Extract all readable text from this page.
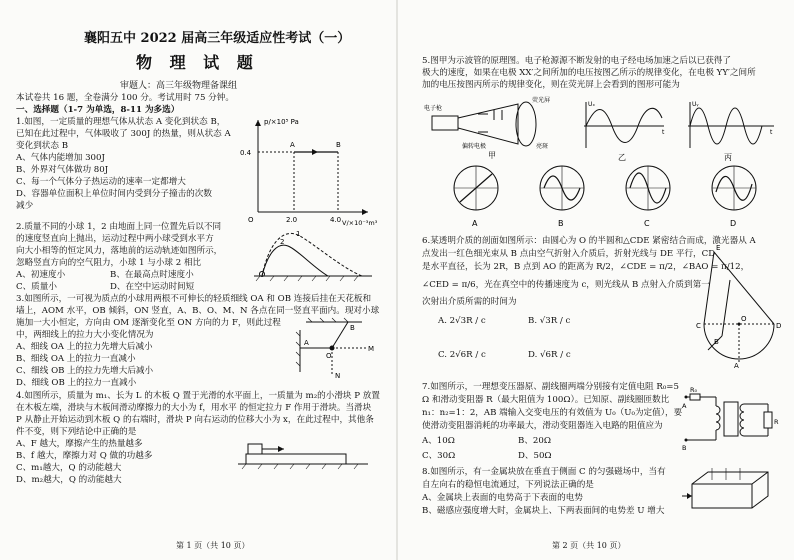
襄阳五中 2022 届高三年级适应性考试（一）
物 理 试 题
审题人：高三年级物理备课组
本试卷共 16 题，全卷满分 100 分。考试用时 75 分钟。
一、选择题（1-7 为单选，8-11 为多选）
1.如图，一定质量的理想气体从状态 A 变化到状态 B，
已知在此过程中，气体吸收了 300J 的热量，则从状态 A
变化到状态 B
A、气体内能增加 300J
B、外界对气体做功 80J
C、每一个气体分子热运动的速率一定都增大
D、容器单位面积上单位时间内受到分子撞击的次数
减少
p/×10⁵ Pa
0.4
O	2.0	4.0 V/×10⁻³m³
A	B
2.质量不同的小球 1，2 由地面上同一位置先后以不同
的速度竖直向上抛出，运动过程中两小球受到水平方
向大小相等的恒定风力，落地前的运动轨迹如图所示，
忽略竖直方向的空气阻力，小球 1 与小球 2 相比
A、初速度小	B、在最高点时速度小
C、质量小	D、在空中运动时间短
1
2
3.如图所示，一可视为质点的小球用两根不可伸长的轻质细线 OA 和 OB 连接后挂在天花板和
墙上，AOM 水平，OB 倾斜，ON 竖直，A、B、O、M、N 各点在同一竖直平面内。现对小球
施加一大小恒定，方向由 OM 逐渐变化至 ON 方向的力 F，则此过程
中，两细线上的拉力大小变化情况为
A、细线 OA 上的拉力先增大后减小
B、细线 OA 上的拉力一直减小
C、细线 OB 上的拉力先增大后减小
D、细线 OB 上的拉力一直减小
B
A
O
M
N
4.如图所示，质量为 m₁、长为 L 的木板 Q 置于光滑的水平面上，一质量为 m₂的小滑块 P 放置
在木板左端，滑块与木板间滑动摩擦力的大小为 f，用水平 的恒定拉力 F 作用于滑块。当滑块
P 从静止开始运动到木板 Q 的右端时，滑块 P 向右运动的位移大小为 x，在此过程中，其他条
件不变，则下列结论中正确的是
A、F 越大，摩擦产生的热量越多
B、f 越大，摩擦力对 Q 做的功越多
C、m₁越大，Q 的动能越大
D、m₂越大，Q 的动能越大
第 1 页（共 10 页）
5.图甲为示波管的原理图。电子枪源源不断发射的电子经电场加速之后以已获得了
极大的速度，如果在电极 XX′之间所加的电压按图乙所示的规律变化，在电极 YY′之间所
加的电压按图丙所示的规律变化，则在荧光屏上会看到的图形可能为
电子枪
偏转电极
荧光屏
亮斑
甲
Uₓ
t
乙
Uᵧ
t
丙
A	B	C	D
6.某透明介质的剖面如图所示：由圆心为 O 的半圆和△CDE 紧密结合而成，激光器从 A
点发出一红色细光束从 B 点由空气折射入介质后，折射光线与 DE 平行，CD
是水平直径，长为 2R，B 点到 AO 的距离为 R/2，∠CDE = π/2，∠BAO = π/12，
∠CED = π/6，光在真空中的传播速度为 c，则光线从 B 点射入介质到第一
次射出介质所需的时间为
A. 2√3R / c	B. √3R / c
C. 2√6R / c	D. √6R / c
E
C
O
D
B
A
7.如图所示，一理想变压器原、副线圈两端分别接有定值电阻 R₀=5
Ω 和滑动变阻器 R（最大阻值为 100Ω）。已知原、副线圈匝数比
n₁：n₂=1：2，AB 端输入交变电压的有效值为 U₀（U₀为定值），要
使滑动变阻器消耗的功率最大，滑动变阻器连入电路的阻值应为
A、10Ω	B、20Ω
C、30Ω	D、50Ω
R₀
A
B
R
8.如图所示，有一金属块放在垂直于侧面 C 的匀强磁场中，当有
自左向右的稳恒电流通过，下列说法正确的是
A、金属块上表面的电势高于下表面的电势
B、磁感应强度增大时，金属块上、下两表面间的电势差 U 增大
第 2 页（共 10 页）
